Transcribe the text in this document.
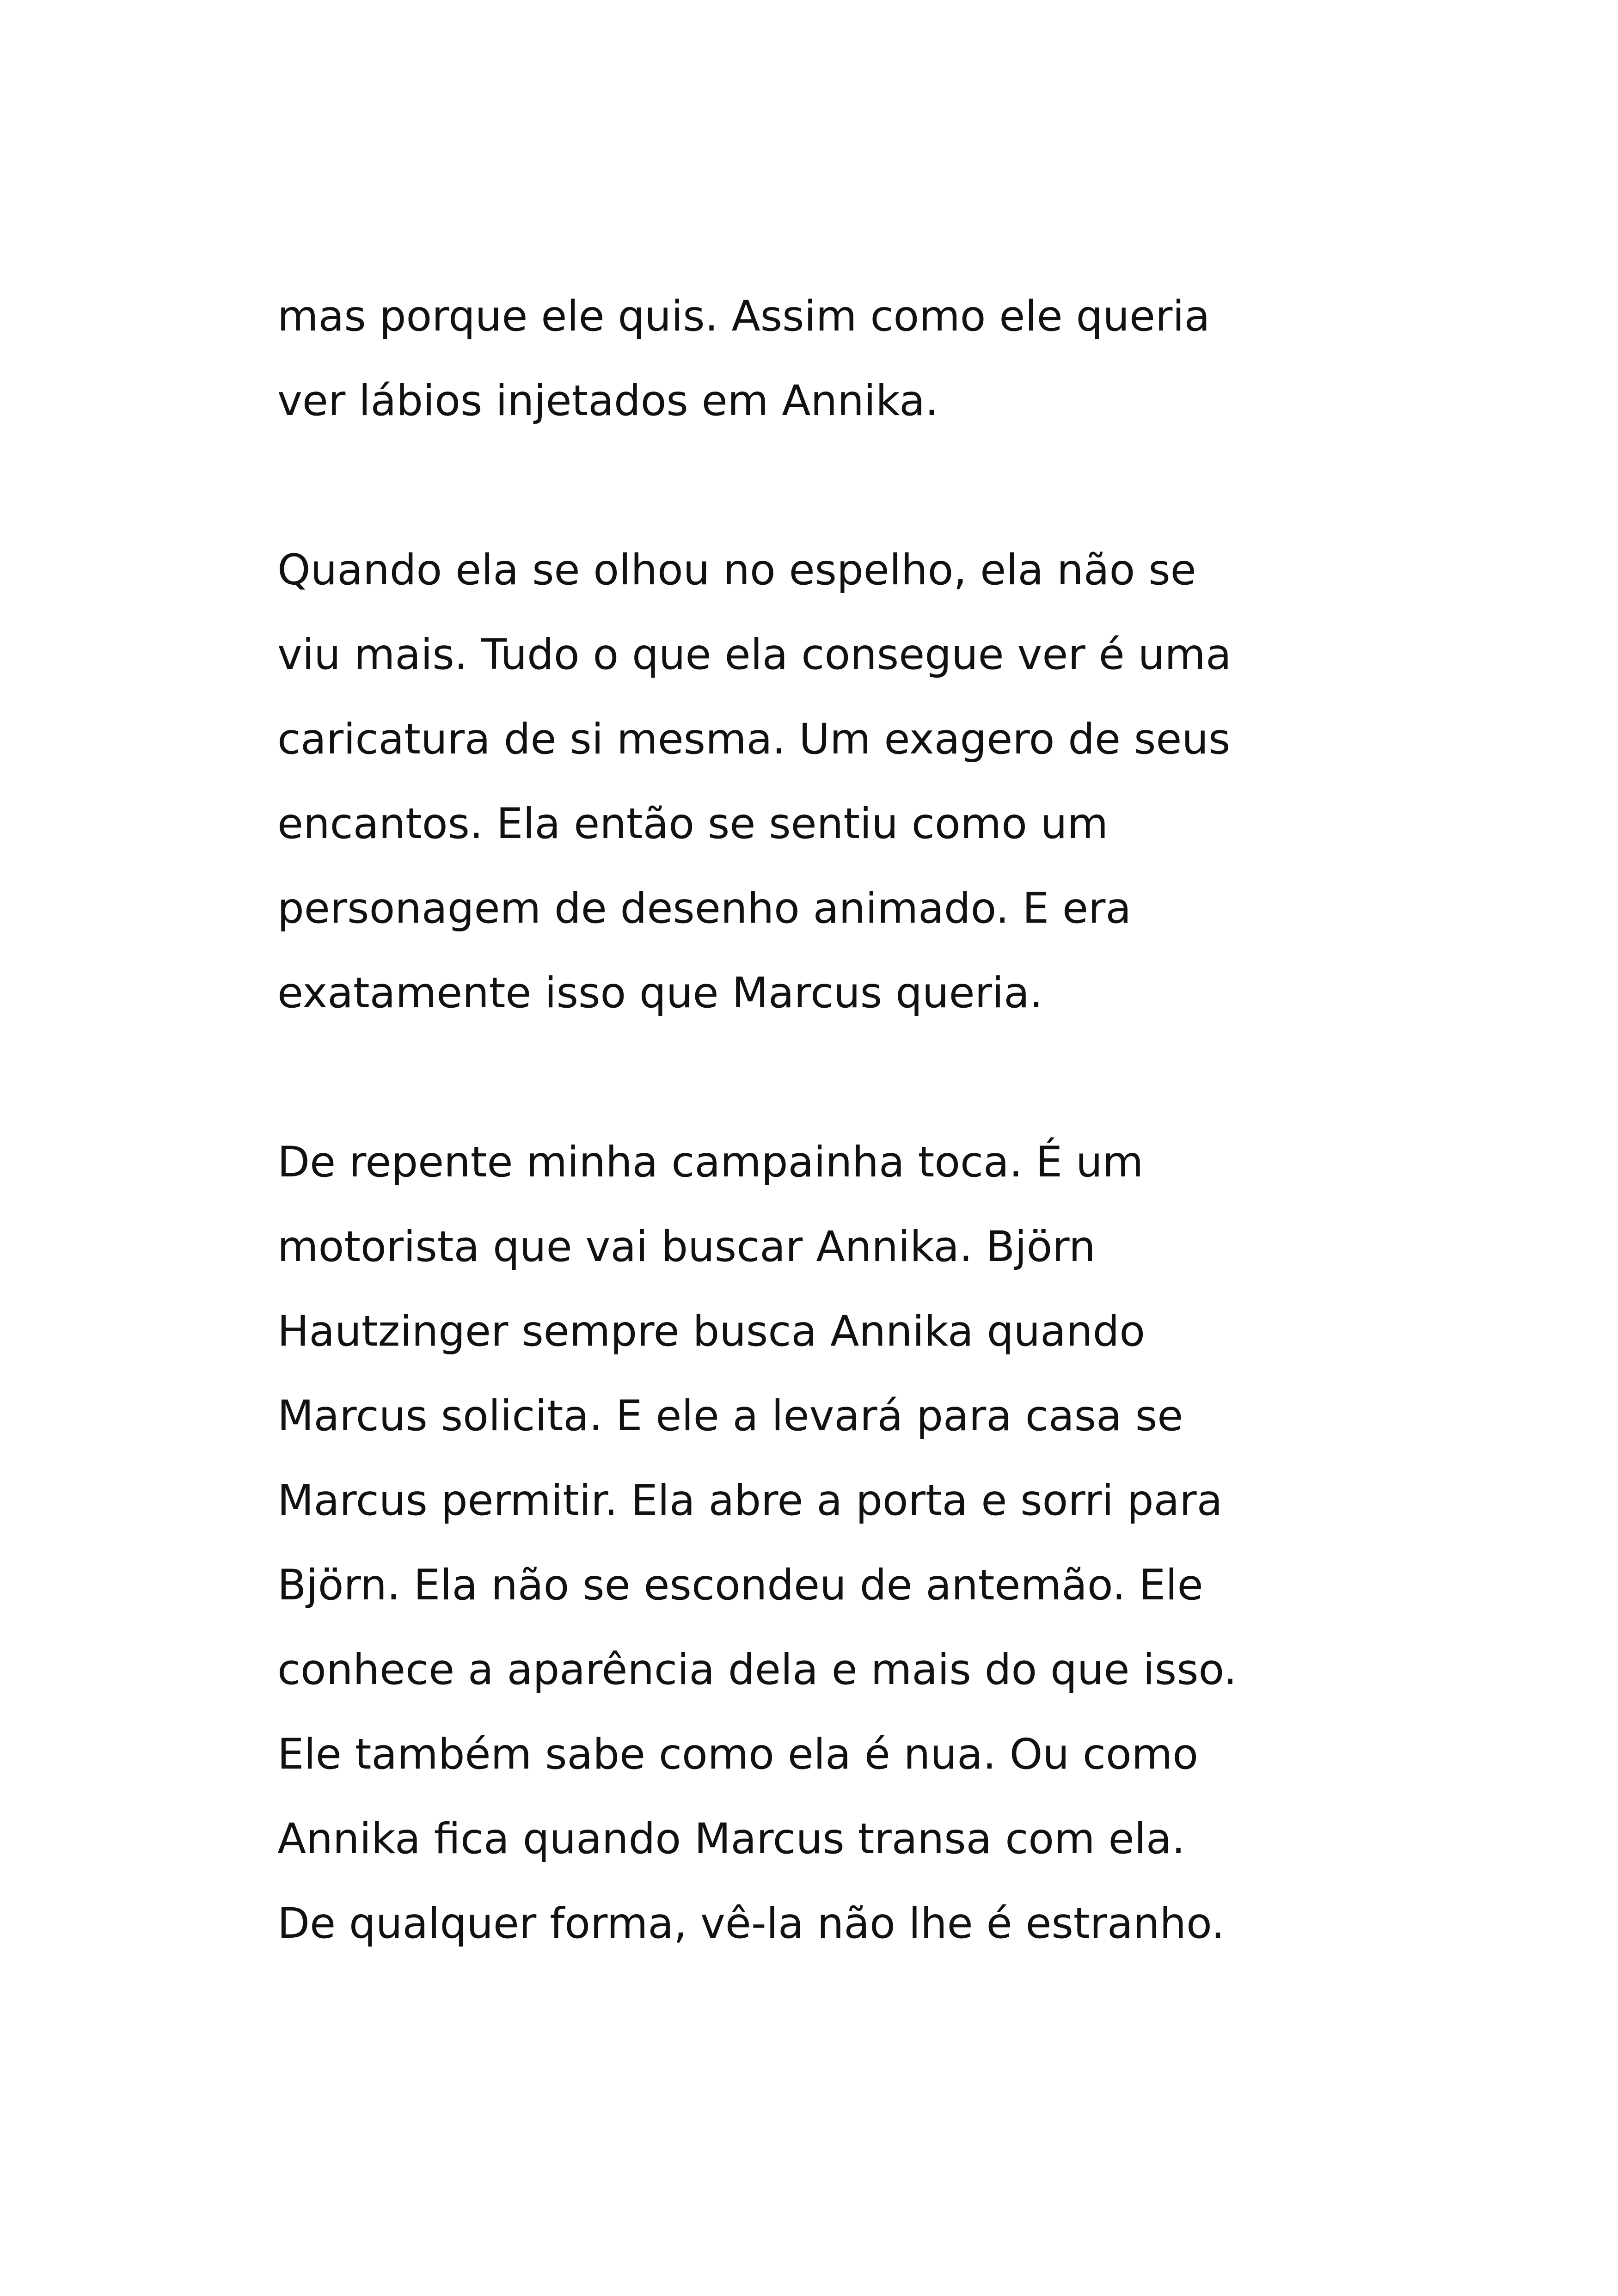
mas porque ele quis. Assim como ele queria
ver lábios injetados em Annika.
Quando ela se olhou no espelho, ela não se
viu mais. Tudo o que ela consegue ver é uma
caricatura de si mesma. Um exagero de seus
encantos. Ela então se sentiu como um
personagem de desenho animado. E era
exatamente isso que Marcus queria.
De repente minha campainha toca. É um
motorista que vai buscar Annika. Björn
Hautzinger sempre busca Annika quando
Marcus solicita. E ele a levará para casa se
Marcus permitir. Ela abre a porta e sorri para
Björn. Ela não se escondeu de antemão. Ele
conhece a aparência dela e mais do que isso.
Ele também sabe como ela é nua. Ou como
Annika fica quando Marcus transa com ela.
De qualquer forma, vê-la não lhe é estranho.
